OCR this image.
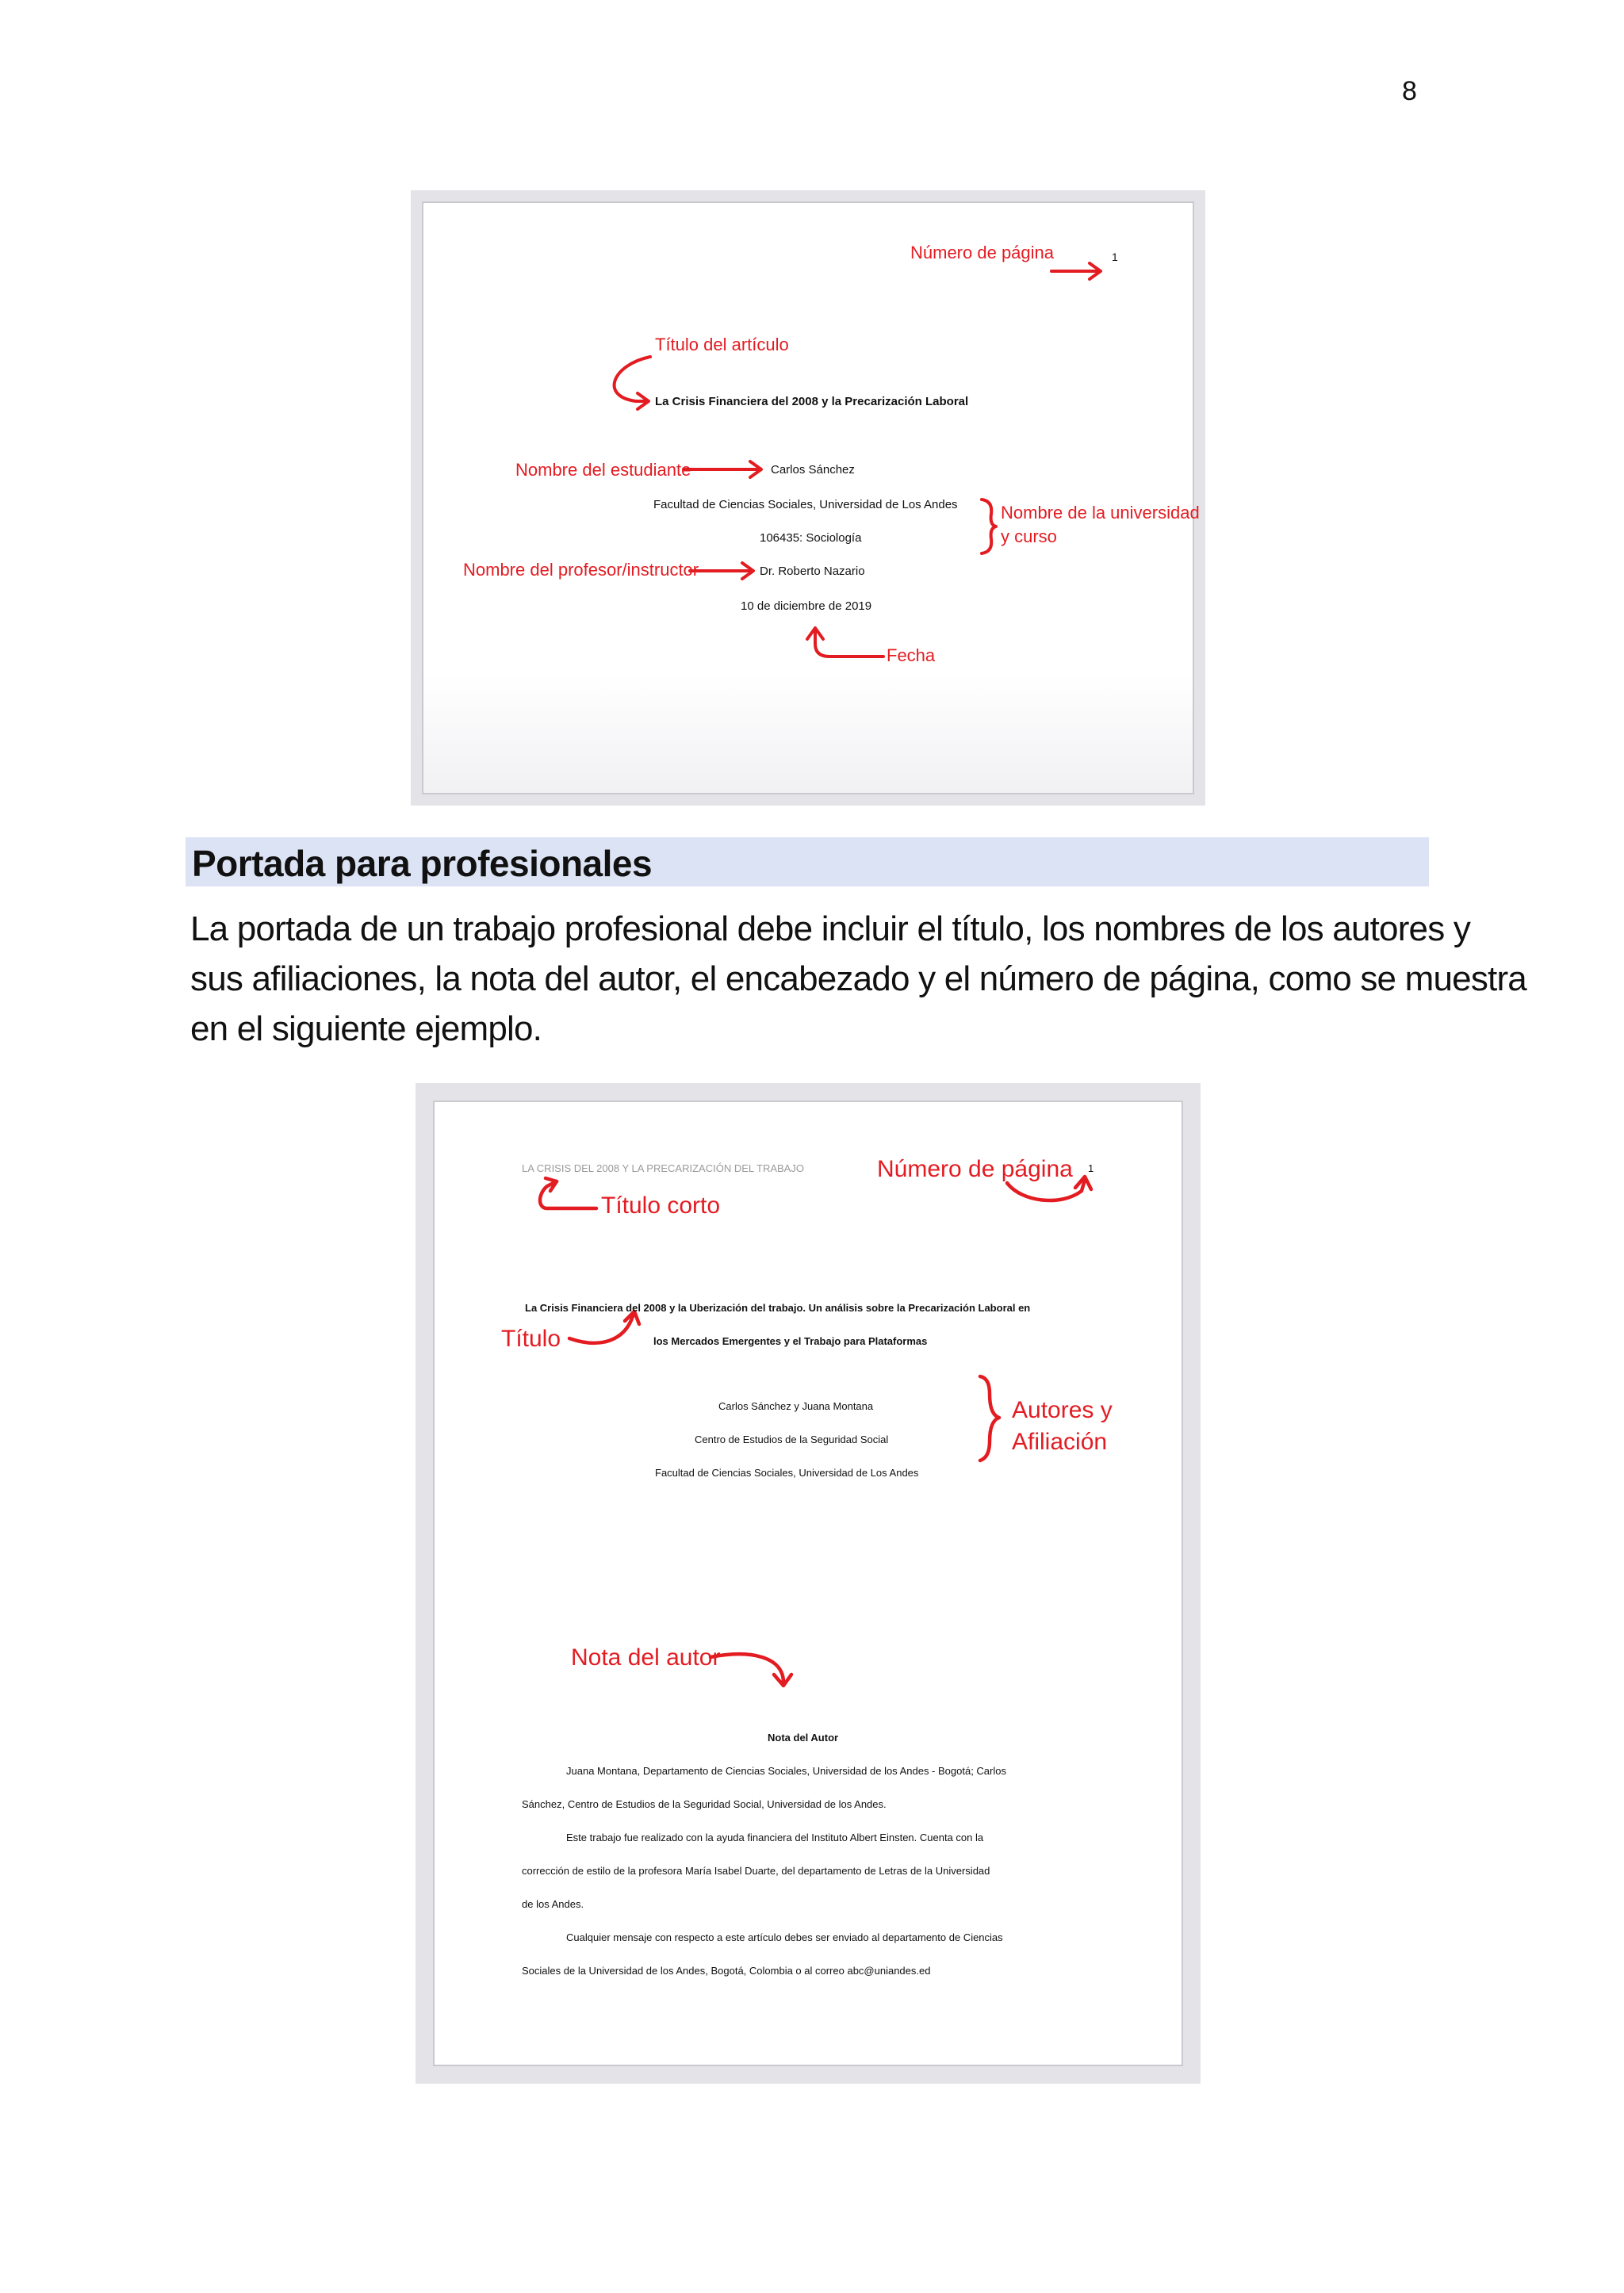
8
Número de página	1
Título del artículo
La Crisis Financiera del 2008 y la Precarización Laboral
Nombre del estudiante	Carlos Sánchez
Facultad de Ciencias Sociales, Universidad de Los Andes Nombre de la universidad
y curso
106435: Sociología
Nombre del profesor/instructor	Dr. Roberto Nazario
10 de diciembre de 2019
Fecha
Portada para profesionales

La portada de un trabajo profesional debe incluir el título, los nombres de los autores y

sus afiliaciones, la nota del autor, el encabezado y el número de página, como se muestra

en el siguiente ejemplo.

LA CRISIS DEL 2008 Y LA PRECARIZACIÓN DEL TRABAJO	Número de página 1
Título corto
La Crisis Financiera del 2008 y la Uberización del trabajo. Un análisis sobre la Precarización Laboral en
Título	los Mercados Emergentes y el Trabajo para Plataformas
Carlos Sánchez y Juana Montana
Centro de Estudios de la Seguridad Social
Facultad de Ciencias Sociales, Universidad de Los Andes
Autores y
Afiliación
Nota del autor
Nota del Autor
Juana Montana, Departamento de Ciencias Sociales, Universidad de los Andes - Bogotá; Carlos
Sánchez, Centro de Estudios de la Seguridad Social, Universidad de los Andes.
Este trabajo fue realizado con la ayuda financiera del Instituto Albert Einsten. Cuenta con la
corrección de estilo de la profesora María Isabel Duarte, del departamento de Letras de la Universidad
de los Andes.
Cualquier mensaje con respecto a este artículo debes ser enviado al departamento de Ciencias
Sociales de la Universidad de los Andes, Bogotá, Colombia o al correo abc@uniandes.ed
